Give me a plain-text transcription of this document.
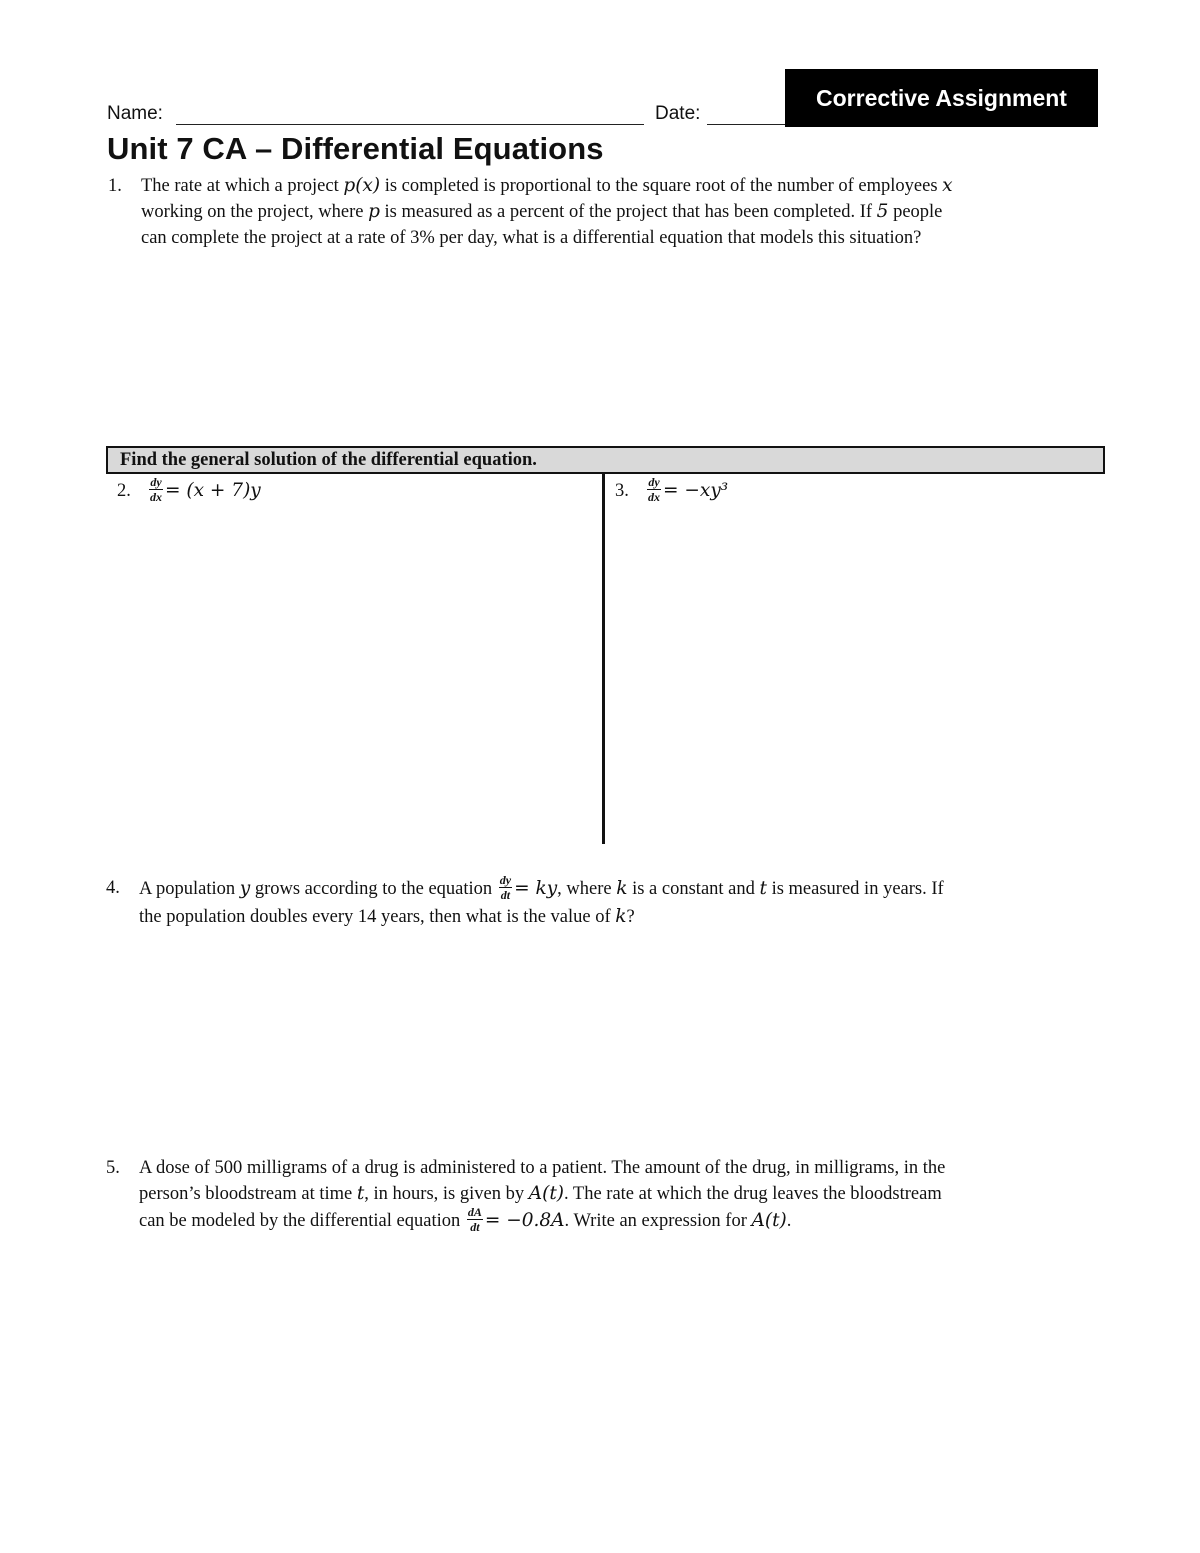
Name:	Date:
Corrective Assignment
Unit 7 CA – Differential Equations
1. The rate at which a project p(x) is completed is proportional to the square root of the number of employees x
working on the project, where p is measured as a percent of the project that has been completed. If 5 people
can complete the project at a rate of 3% per day, what is a differential equation that models this situation?
Find the general solution of the differential equation.
2. $\frac{dy}{dx} = (x + 7)y$	3. $\frac{dy}{dx} = -xy^3$
4. A population y grows according to the equation $\frac{dy}{dt}$ = ky, where k is a constant and t is measured in years. If
the population doubles every 14 years, then what is the value of k?
5. A dose of 500 milligrams of a drug is administered to a patient. The amount of the drug, in milligrams, in the
person’s bloodstream at time t, in hours, is given by A(t). The rate at which the drug leaves the bloodstream
can be modeled by the differential equation $\frac{dA}{dt} = -0.8A$. Write an expression for A(t).
